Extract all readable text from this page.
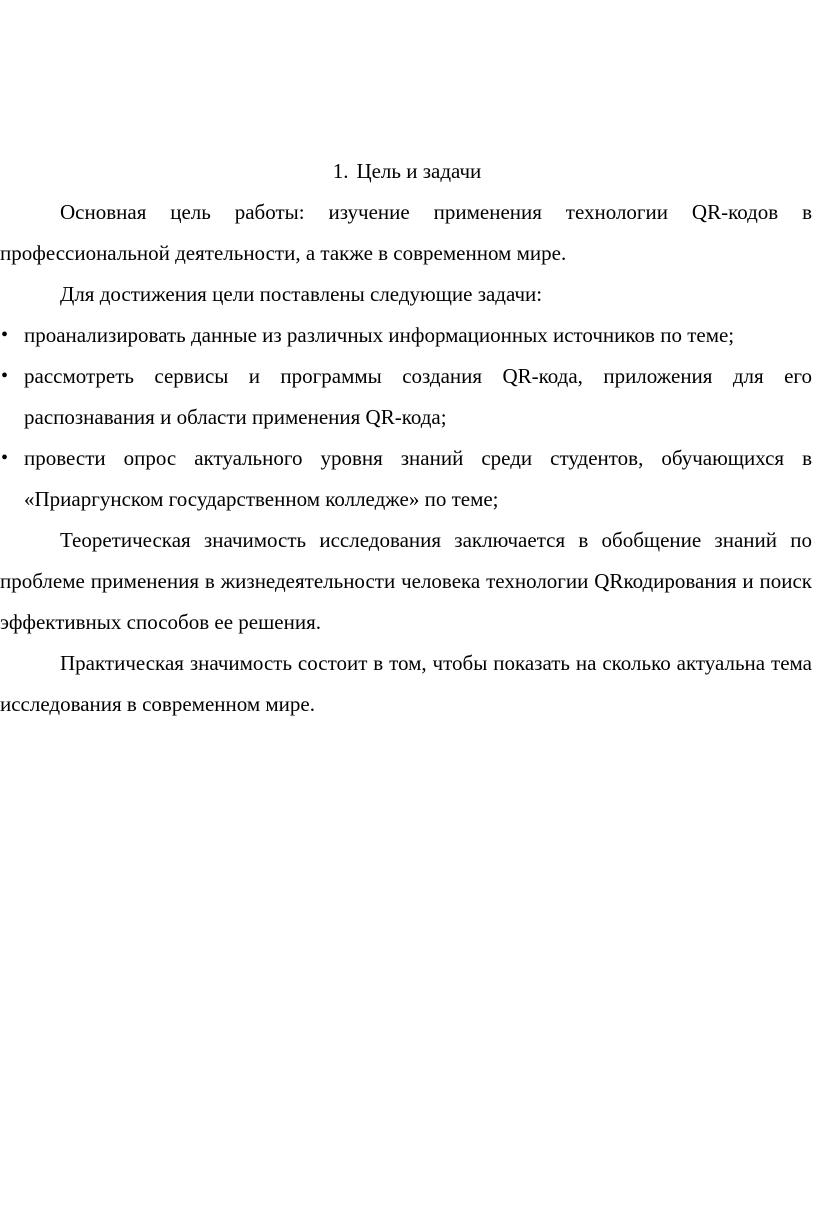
1. Цель и задачи

Основная цель работы: изучение применения технологии QR-кодов в профессиональной деятельности, а также в современном мире.

Для достижения цели поставлены следующие задачи:

• проанализировать данные из различных информационных источников по теме;
• рассмотреть сервисы и программы создания QR-кода, приложения для его распознавания и области применения QR-кода;
• провести опрос актуального уровня знаний среди студентов, обучающихся в «Приаргунском государственном колледже» по теме;

Теоретическая значимость исследования заключается в обобщение знаний по проблеме применения в жизнедеятельности человека технологии QRкодирования и поиск эффективных способов ее решения.

Практическая значимость состоит в том, чтобы показать на сколько актуальна тема исследования в современном мире.
